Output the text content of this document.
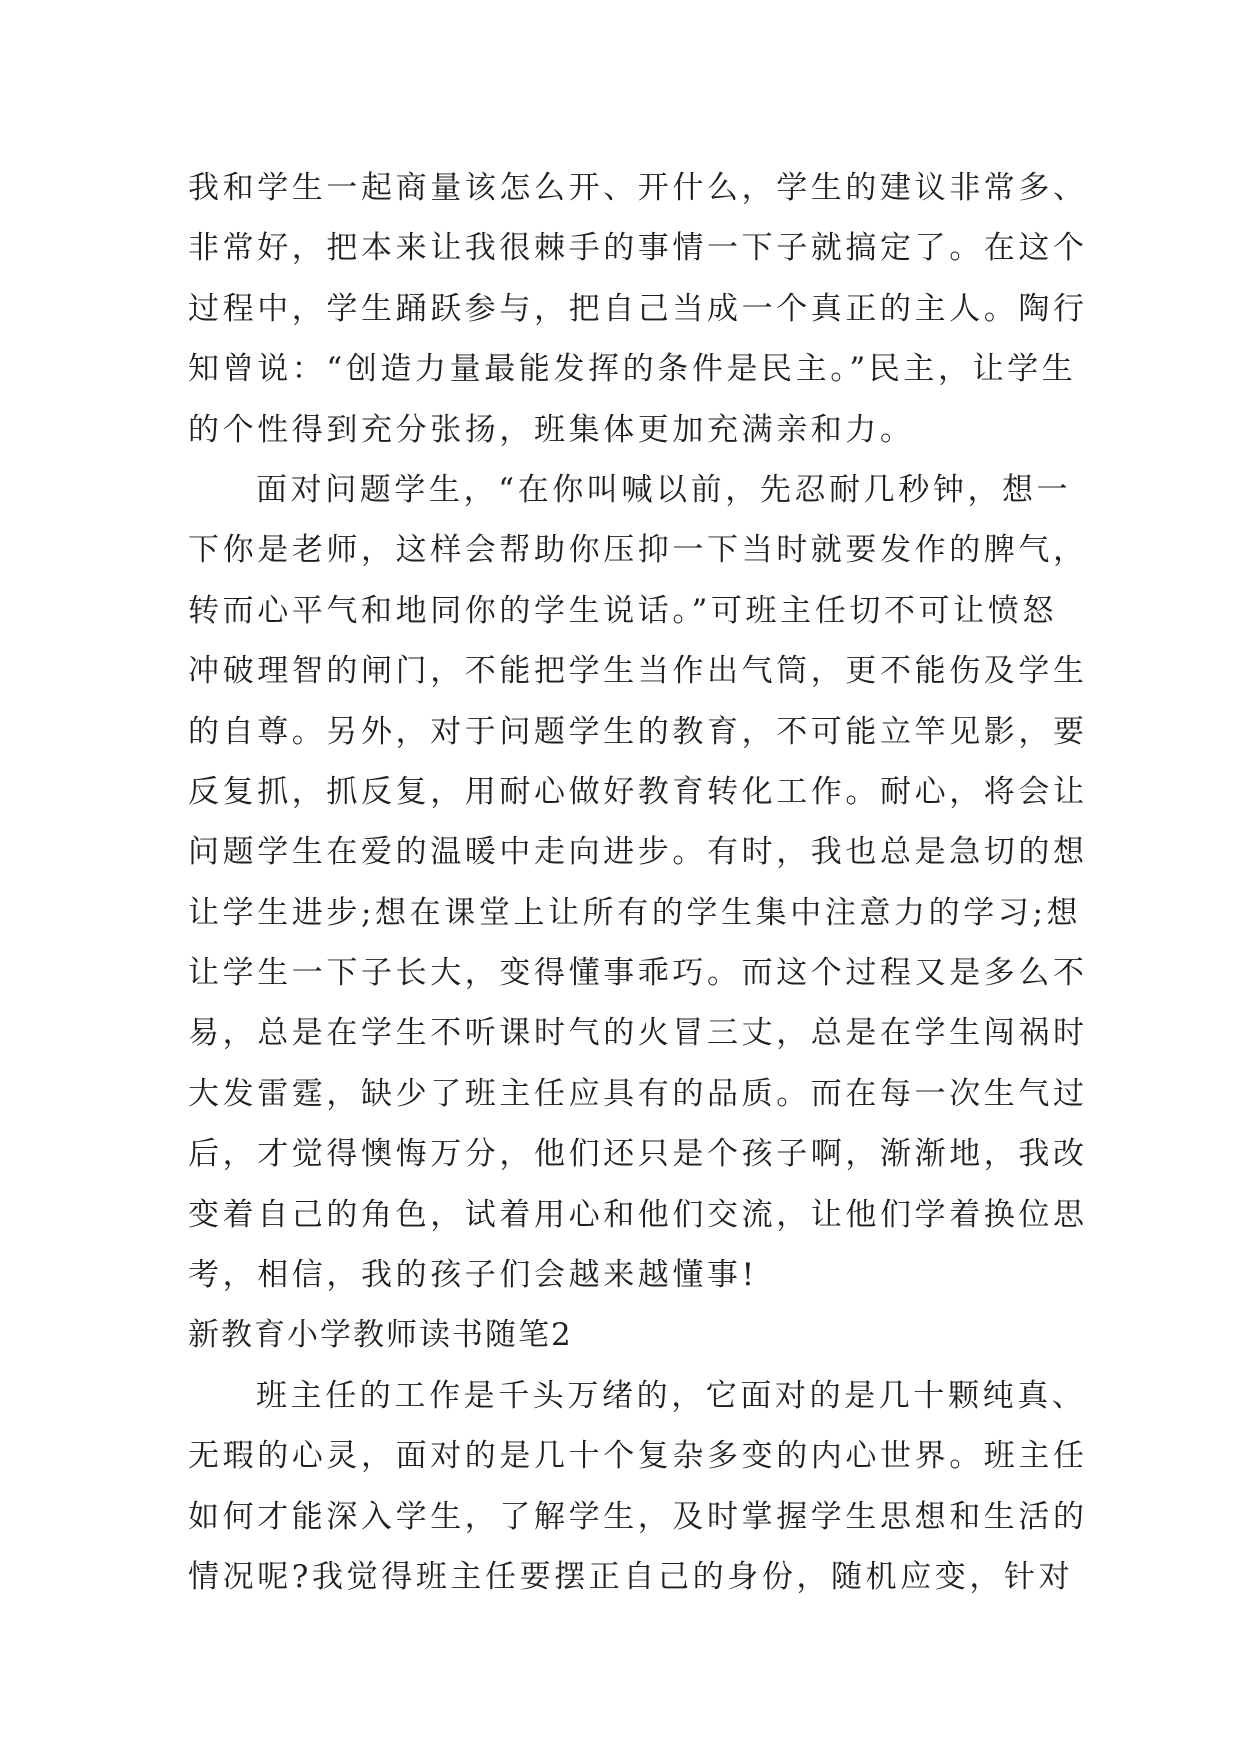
我和学生一起商量该怎么开、开什么，学生的建议非常多、
非常好，把本来让我很棘手的事情一下子就搞定了。在这个
过程中，学生踊跃参与，把自己当成一个真正的主人。陶行
知曾说：“创造力量最能发挥的条件是民主。”民主，让学生
的个性得到充分张扬，班集体更加充满亲和力。
面对问题学生，“在你叫喊以前，先忍耐几秒钟，想一
下你是老师，这样会帮助你压抑一下当时就要发作的脾气，
转而心平气和地同你的学生说话。”可班主任切不可让愤怒
冲破理智的闸门，不能把学生当作出气筒，更不能伤及学生
的自尊。另外，对于问题学生的教育，不可能立竿见影，要
反复抓，抓反复，用耐心做好教育转化工作。耐心，将会让
问题学生在爱的温暖中走向进步。有时，我也总是急切的想
让学生进步;想在课堂上让所有的学生集中注意力的学习;想
让学生一下子长大，变得懂事乖巧。而这个过程又是多么不
易，总是在学生不听课时气的火冒三丈，总是在学生闯祸时
大发雷霆，缺少了班主任应具有的品质。而在每一次生气过
后，才觉得懊悔万分，他们还只是个孩子啊，渐渐地，我改
变着自己的角色，试着用心和他们交流，让他们学着换位思
考，相信，我的孩子们会越来越懂事!
新教育小学教师读书随笔2
班主任的工作是千头万绪的，它面对的是几十颗纯真、
无瑕的心灵，面对的是几十个复杂多变的内心世界。班主任
如何才能深入学生，了解学生，及时掌握学生思想和生活的
情况呢?我觉得班主任要摆正自己的身份，随机应变，针对
